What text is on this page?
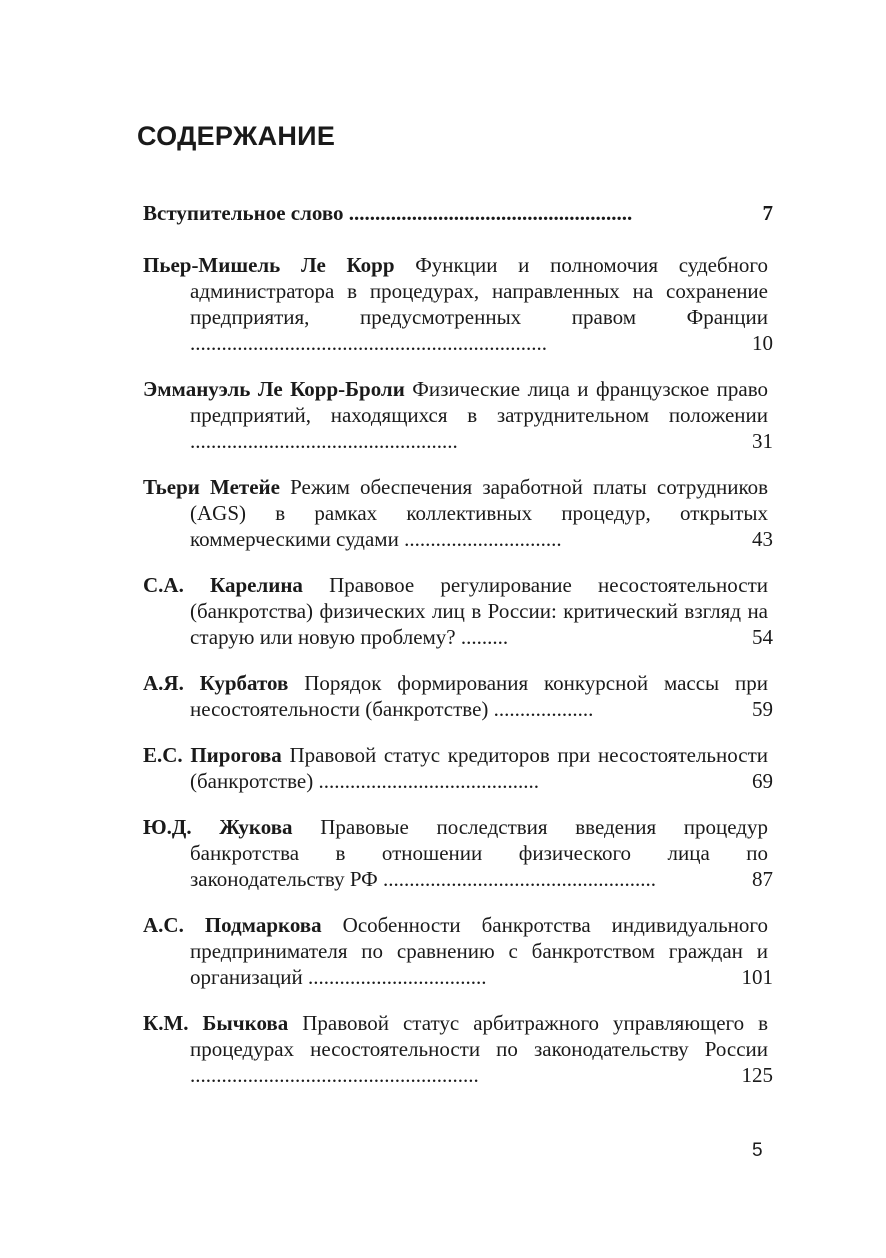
СОДЕРЖАНИЕ
Вступительное слово ......................................................	7
Пьер-Мишель Ле Корр Функции и полномочия судебного администратора в процедурах, направленных на сохранение предприятия, предусмотренных правом Франции ....................................................................	10
Эммануэль Ле Корр-Броли Физические лица и французское право предприятий, находящихся в затруднительном положении ...................................................	31
Тьери Метейе Режим обеспечения заработной платы сотрудников (AGS) в рамках коллективных процедур, открытых коммерческими судами ..............................	43
С.А. Карелина Правовое регулирование несостоятельности (банкротства) физических лиц в России: критический взгляд на старую или новую проблему? .........	54
А.Я. Курбатов Порядок формирования конкурсной массы при несостоятельности (банкротстве) ...................	59
Е.С. Пирогова Правовой статус кредиторов при несостоятельности (банкротстве) ..........................................	69
Ю.Д. Жукова Правовые последствия введения процедур банкротства в отношении физического лица по законодательству РФ ....................................................	87
А.С. Подмаркова Особенности банкротства индивидуального предпринимателя по сравнению с банкротством граждан и организаций ..................................	101
К.М. Бычкова Правовой статус арбитражного управляющего в процедурах несостоятельности по законодательству России .......................................................	125
5
